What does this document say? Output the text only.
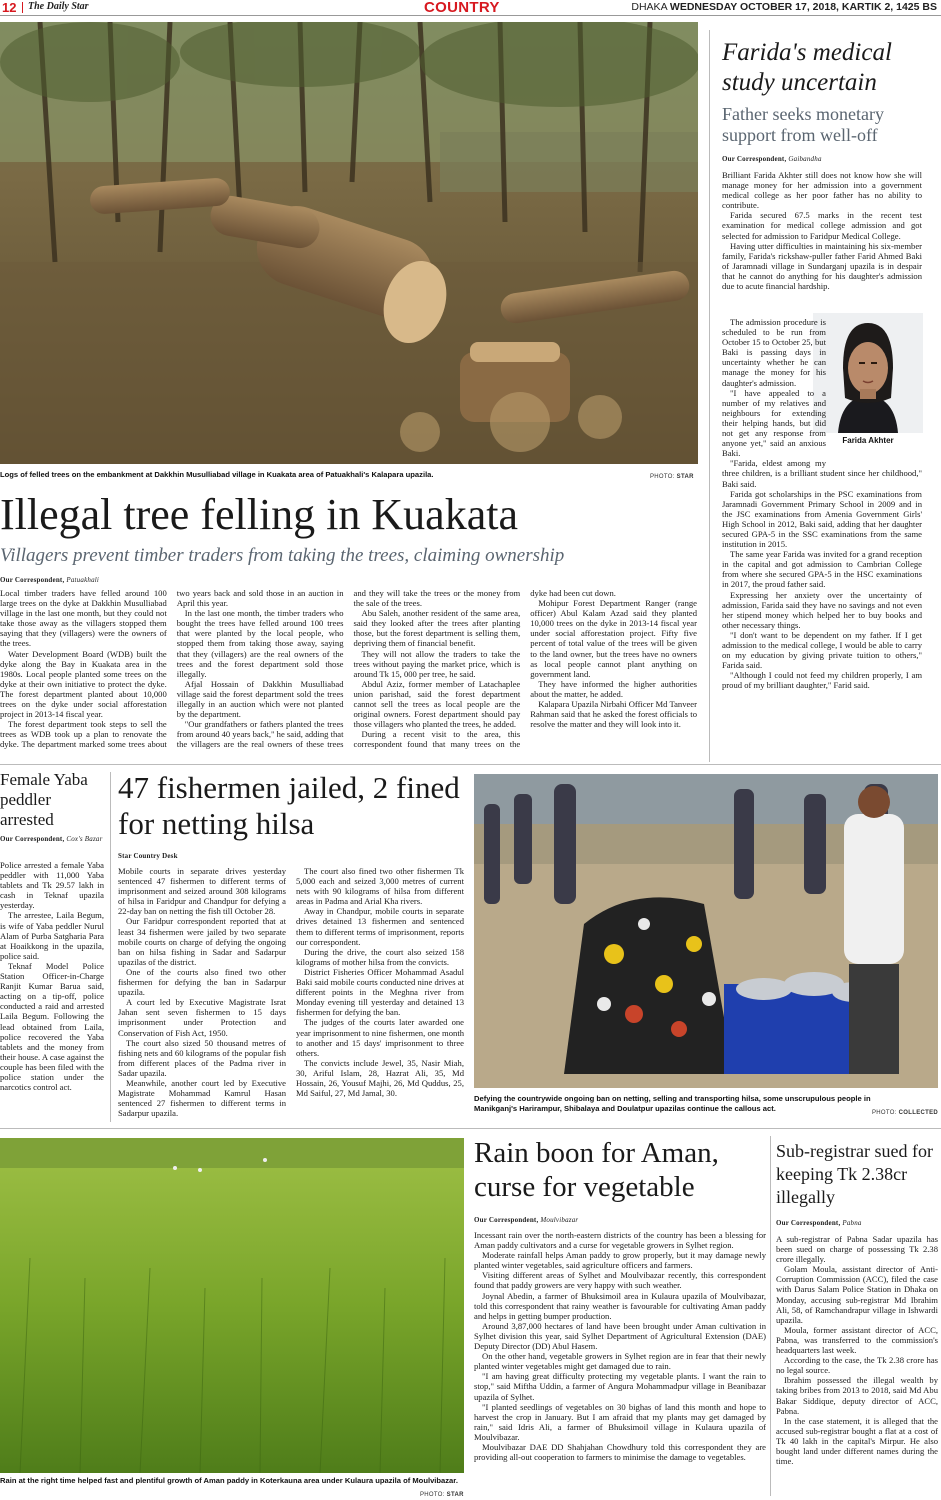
12 The Daily Star	COUNTRY	DHAKA WEDNESDAY OCTOBER 17, 2018, KARTIK 2, 1425 BS
Logs of felled trees on the embankment at Dakkhin Musulliabad village in Kuakata area of Patuakhali's Kalapara upazila.	PHOTO: STAR
Illegal tree felling in Kuakata
Villagers prevent timber traders from taking the trees, claiming ownership
Our Correspondent, Patuakhali

Local timber traders have felled around 100 large trees on the dyke at Dakkhin Musulliabad village in the last one month, but they could not take those away as the villagers stopped them saying that they (villagers) were the owners of the trees.

Water Development Board (WDB) built the dyke along the Bay in Kuakata area in the 1980s. Local people planted some trees on the dyke at their own initiative to protect the dyke. The forest department planted about 10,000 trees on the dyke under social afforestation project in 2013-14 fiscal year.

The forest department took steps to sell the trees as WDB took up a plan to renovate the dyke. The department marked some trees about two years back and sold those in an auction in April this year.

In the last one month, the timber traders who bought the trees have felled around 100 trees that were planted by the local people, who stopped them from taking those away, saying that they (villagers) are the real owners of the trees and the forest department sold those illegally.

Afjal Hossain of Dakkhin Musulliabad village said the forest department sold the trees illegally in an auction which were not planted by the department.

"Our grandfathers or fathers planted the trees from around 40 years back," he said, adding that the villagers are the real owners of these trees and they will take the trees or the money from the sale of the trees.

Abu Saleh, another resident of the same area, said they looked after the trees after planting those, but the forest department is selling them, depriving them of financial benefit.

They will not allow the traders to take the trees without paying the market price, which is around Tk 15, 000 per tree, he said.

Abdul Aziz, former member of Latachaplee union parishad, said the forest department cannot sell the trees as local people are the original owners. Forest department should pay those villagers who planted the trees, he added.

During a recent visit to the area, this correspondent found that many trees on the dyke had been cut down.

Mohipur Forest Department Ranger (range officer) Abul Kalam Azad said they planted 10,000 trees on the dyke in 2013-14 fiscal year under social afforestation project. Fifty five percent of total value of the trees will be given to the land owner, but the trees have no owners as local people cannot plant anything on government land.

They have informed the higher authorities about the matter, he added.

Kalapara Upazila Nirbahi Officer Md Tanveer Rahman said that he asked the forest officials to resolve the matter and they will look into it.

Farida's medical study uncertain
Father seeks monetary support from well-off
Our Correspondent, Gaibandha

Brilliant Farida Akhter still does not know how she will manage money for her admission into a government medical college as her poor father has no ability to contribute.

Farida secured 67.5 marks in the recent test examination for medical college admission and got selected for admission to Faridpur Medical College.

Having utter difficulties in maintaining his six-member family, Farida's rickshaw-puller father Farid Ahmed Baki of Jaramnadi village in Sundarganj upazila is in despair that he cannot do anything for his daughter's admission due to acute financial hardship.

Farida Akhter

The admission procedure is scheduled to be run from October 15 to October 25, but Baki is passing days in uncertainty whether he can manage the money for his daughter's admission.

"I have appealed to a number of my relatives and neighbours for extending their helping hands, but did not get any response from anyone yet," said an anxious Baki.

"Farida, eldest among my three children, is a brilliant student since her childhood," Baki said.

Farida got scholarships in the PSC examinations from Jaramnadi Government Primary School in 2009 and in the JSC examinations from Amenia Government Girls' High School in 2012, Baki said, adding that her daughter secured GPA-5 in the SSC examinations from the same institution in 2015.

The same year Farida was invited for a grand reception in the capital and got admission to Cambrian College from where she secured GPA-5 in the HSC examinations in 2017, the proud father said.

Expressing her anxiety over the uncertainty of admission, Farida said they have no savings and not even her stipend money which helped her to buy books and other necessary things.

"I don't want to be dependent on my father. If I get admission to the medical college, I would be able to carry on my education by giving private tuition to others," Farida said.

"Although I could not feed my children properly, I am proud of my brilliant daughter," Farid said.

Female Yaba peddler arrested
Our Correspondent, Cox's Bazar

Police arrested a female Yaba peddler with 11,000 Yaba tablets and Tk 29.57 lakh in cash in Teknaf upazila yesterday.

The arrestee, Laila Begum, is wife of Yaba peddler Nurul Alam of Purba Satgharia Para at Hoaikkong in the upazila, police said.

Teknaf Model Police Station Officer-in-Charge Ranjit Kumar Barua said, acting on a tip-off, police conducted a raid and arrested Laila Begum. Following the lead obtained from Laila, police recovered the Yaba tablets and the money from their house. A case against the couple has been filed with the police station under the narcotics control act.

47 fishermen jailed, 2 fined for netting hilsa
Star Country Desk

Mobile courts in separate drives yesterday sentenced 47 fishermen to different terms of imprisonment and seized around 308 kilograms of hilsa in Faridpur and Chandpur for defying a 22-day ban on netting the fish till October 28.

Our Faridpur correspondent reported that at least 34 fishermen were jailed by two separate mobile courts on charge of defying the ongoing ban on hilsa fishing in Sadar and Sadarpur upazilas of the district.

One of the courts also fined two other fishermen for defying the ban in Sadarpur upazila.

A court led by Executive Magistrate Israt Jahan sent seven fishermen to 15 days imprisonment under Protection and Conservation of Fish Act, 1950.

The court also sized 50 thousand metres of fishing nets and 60 kilograms of the popular fish from different places of the Padma river in Sadar upazila.

Meanwhile, another court led by Executive Magistrate Mohammad Kamrul Hasan sentenced 27 fishermen to different terms in Sadarpur upazila.

The court also fined two other fishermen Tk 5,000 each and seized 3,000 metres of current nets with 90 kilograms of hilsa from different areas in Padma and Arial Kha rivers.

Away in Chandpur, mobile courts in separate drives detained 13 fishermen and sentenced them to different terms of imprisonment, reports our correspondent.

During the drive, the court also seized 158 kilograms of mother hilsa from the convicts.

District Fisheries Officer Mohammad Asadul Baki said mobile courts conducted nine drives at different points in the Meghna river from Monday evening till yesterday and detained 13 fishermen for defying the ban.

The judges of the courts later awarded one year imprisonment to nine fishermen, one month to another and 15 days' imprisonment to three others.

The convicts include Jewel, 35, Nasir Miah, 30, Ariful Islam, 28, Hazrat Ali, 35, Md Hossain, 26, Yousuf Majhi, 26, Md Quddus, 25, Md Saiful, 27, Md Jamal, 30.

Defying the countrywide ongoing ban on netting, selling and transporting hilsa, some unscrupulous people in Manikganj's Harirampur, Shibalaya and Doulatpur upazilas continue the callous act.	PHOTO: COLLECTED
Rain at the right time helped fast and plentiful growth of Aman paddy in Koterkauna area under Kulaura upazila of Moulvibazar.
PHOTO: STAR
Rain boon for Aman, curse for vegetable
Our Correspondent, Moulvibazar

Incessant rain over the north-eastern districts of the country has been a blessing for Aman paddy cultivators and a curse for vegetable growers in Sylhet region.

Moderate rainfall helps Aman paddy to grow properly, but it may damage newly planted winter vegetables, said agriculture officers and farmers.

Visiting different areas of Sylhet and Moulvibazar recently, this correspondent found that paddy growers are very happy with such weather.

Joynal Abedin, a farmer of Bhuksimoil area in Kulaura upazila of Moulvibazar, told this correspondent that rainy weather is favourable for cultivating Aman paddy and helps in getting bumper production.

Around 3,87,000 hectares of land have been brought under Aman cultivation in Sylhet division this year, said Sylhet Department of Agricultural Extension (DAE) Deputy Director (DD) Abul Hasem.

On the other hand, vegetable growers in Sylhet region are in fear that their newly planted winter vegetables might get damaged due to rain.

"I am having great difficulty protecting my vegetable plants. I want the rain to stop," said Miftha Uddin, a farmer of Angura Mohammadpur village in Beanibazar upazila of Sylhet.

"I planted seedlings of vegetables on 30 bighas of land this month and hope to harvest the crop in January. But I am afraid that my plants may get damaged by rain," said Idris Ali, a farmer of Bhuksimoil village in Kulaura upazila of Moulvibazar.

Moulvibazar DAE DD Shahjahan Chowdhury told this correspondent they are providing all-out cooperation to farmers to minimise the damage to vegetables.

Sub-registrar sued for keeping Tk 2.38cr illegally
Our Correspondent, Pabna

A sub-registrar of Pabna Sadar upazila has been sued on charge of possessing Tk 2.38 crore illegally.

Golam Moula, assistant director of Anti-Corruption Commission (ACC), filed the case with Darus Salam Police Station in Dhaka on Monday, accusing sub-registrar Md Ibrahim Ali, 58, of Ramchandrapur village in Ishwardi upazila.

Moula, former assistant director of ACC, Pabna, was transferred to the commission's headquarters last week.

According to the case, the Tk 2.38 crore has no legal source.

Ibrahim possessed the illegal wealth by taking bribes from 2013 to 2018, said Md Abu Bakar Siddique, deputy director of ACC, Pabna.

In the case statement, it is alleged that the accused sub-registrar bought a flat at a cost of Tk 40 lakh in the capital's Mirpur. He also bought land under different names during the time.
